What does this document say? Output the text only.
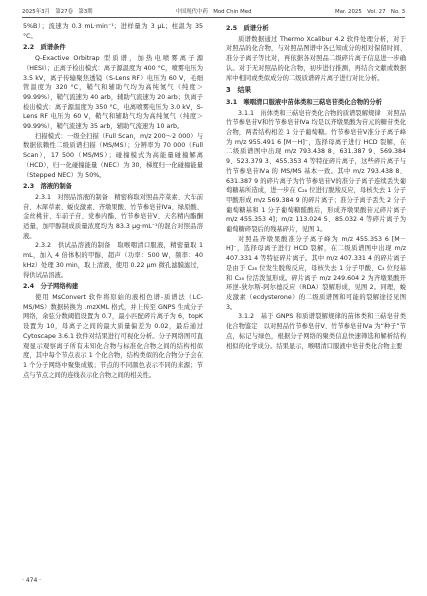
2025年3月　第27卷　第3期	中国现代中药　Mod Chin Med	Mar. 2025　Vol. 27　No. 3

5%B）；流速为 0.3 mL·min⁻¹；进样量为 3 μL；柱温为 35 °C。

2.2　质谱条件

Q-Exactive Orbitrap 型质谱，加热电喷雾离子源（HESI）；正离子检出模式：离子源温度为 400 °C，喷雾电压为 3.5 kV，离子传输聚焦透镜（S-Lens RF）电压为 60 V，毛细管温度为 320 °C，鞘气和辅助气均为高纯氮气（纯度＞99.99%），鞘气流速为 40 arb，辅助气流速为 20 arb；负离子检出模式：离子源温度为 350 °C，电离喷雾电压为 3.0 kV，S-Lens RF 电压为 60 V，鞘气和辅助气均为高纯氮气（纯度＞99.99%），鞘气流速为 35 arb，辅助气流速为 10 arb。

扫描模式：一级全扫描（Full Scan，m/z 200～2 000）与数据依赖性二级质谱扫描（MS/MS）；分辨率为 70 000（Full Scan），17 500（MS/MS）；碰撞模式为高能量碰撞解离（HCD），归一化碰撞能量（NEC）为 30，梯度归一化碰撞能量（Stepped NEC）为 50%。

2.3　溶液的制备

2.3.1　对照品溶液的制备　精密称取对照品芹菜素、大车前苷、木犀草素、蜕皮激素、齐墩果酸、竹节参皂苷Ⅳa、绿原酸、金丝桃苷、车前子苷、党参内酯、竹节参皂苷Ⅴ、天名精内酯酮适量，加甲醇制成质量浓度均为 83.3 μg·mL⁻¹的混合对照品溶液。

2.3.2　供试品溶液的制备　取喉咽清口服液，精密量取 1 mL，加入 4 倍体积的甲醇，超声（功率：500 W，频率：40 kHz）处理 30 min，取上清液，使用 0.22 μm 微孔滤膜滤过，得供试品溶液。

2.4　分子网络构建

使用 MsConvert 软件将原始的液相色谱-质谱法（LC-MS/MS）数据转换为 .mzXML 格式，并上传至 GNPS 生成分子网络，余弦分数阈值设置为 0.7，最小匹配碎片离子为 6，topK 设置为 10，母离子之间的最大质量偏差为 0.02，最后通过 Cytoscape 3.6.1 软件对结果进行可视化分析。分子网络图可直观显示观察离子所有未知化合物与标准化合物之间的结构相似度，其中每个节点表示 1 个化合物，结构类似的化合物分子会在 1 个分子网络中聚集成簇；节点的不同颜色表示不同的来源；节点与节点之间的连线表示化合物之间的相关性。

2.5　质谱分析

质谱数据通过 Thermo Xcalibur 4.2 软件处理分析，对于对照品的化合物，与对照品图谱中各已知成分的相对保留时间、准分子离子等比对，再依据各对照品二级碎片离子信息进一步确认。对于无对照品的化合物，初步进行推测，再结合文献或数据库中相同或类似成分的二级质谱碎片离子进行对比分析。

3　结果
3.1　喉咽清口服液中苗体类和三萜皂苷类化合物的分析

3.1.1　甾体类和三萜皂苷类化合物的质谱裂解规律　对照品竹节参皂苷Ⅴ和竹节参皂苷Ⅳa 均是以齐墩果酸为苷元的糖苷类化合物，两者结构相差 1 分子葡萄糖。竹节参皂苷Ⅴ准分子离子峰为 m/z 955.491 6 [M－H]⁻，选择母离子进行 HCD 裂解，在二级质谱图中出现 m/z 793.438 8、631.387 9、569.384 9、523.379 3、455.353 4 等特征碎片离子，这些碎片离子与竹节参皂苷Ⅳa 的 MS/MS 基本一致。其中 m/z 793.438 8、631.387 9 的碎片离子为竹节参皂苷Ⅴ的准分子离子连续丢失葡萄糖基所造成，进一步在 C₂₈ 位进行脱羧反应，母核失去 1 分子甲酸形成 m/z 569.384 9 的碎片离子；准分子离子丢失 2 分子葡萄糖基和 1 分子葡萄糖醛酸后，形成齐墩果酸苷元碎片离子 m/z 455.353 4]；m/z 113.024 5、85.032 4 等碎片离子为葡萄糖碎裂后的残基碎片，见图 1。

对照品齐墩果酸准分子离子峰为 m/z 455.353 6 [M－H]⁻，选择母离子进行 HCD 裂解，在二级质谱图中出现 m/z 407.331 4 等特征碎片离子。其中 m/z 407.331 4 的碎片离子是由于 C₂₈ 位发生脱羧反应，母核失去 1 分子甲酸、C₃ 位羟基和 C₂₈ 位活泼氢形成。碎片离子 m/z 249.604 2 为齐墩果酸开环逆-狄尔斯-阿尔德反应（RDA）裂解形成，见图 2。同理，蜕皮激素（ecdysterone）的二级质谱图和可能的裂解途径见图 3。

3.1.2　基于 GNPS 和质谱裂解规律的苗体类和三萜皂苷类化合物鉴定　以对照品竹节参皂苷Ⅴ、竹节参皂苷Ⅳa 为“种子”节点，标记与绿色，根据分子网络的聚类信息快速筛选和解析结构相似的化学成分。结果显示，喉咽清口服液中皂苷类化合物主要

· 474 ·
